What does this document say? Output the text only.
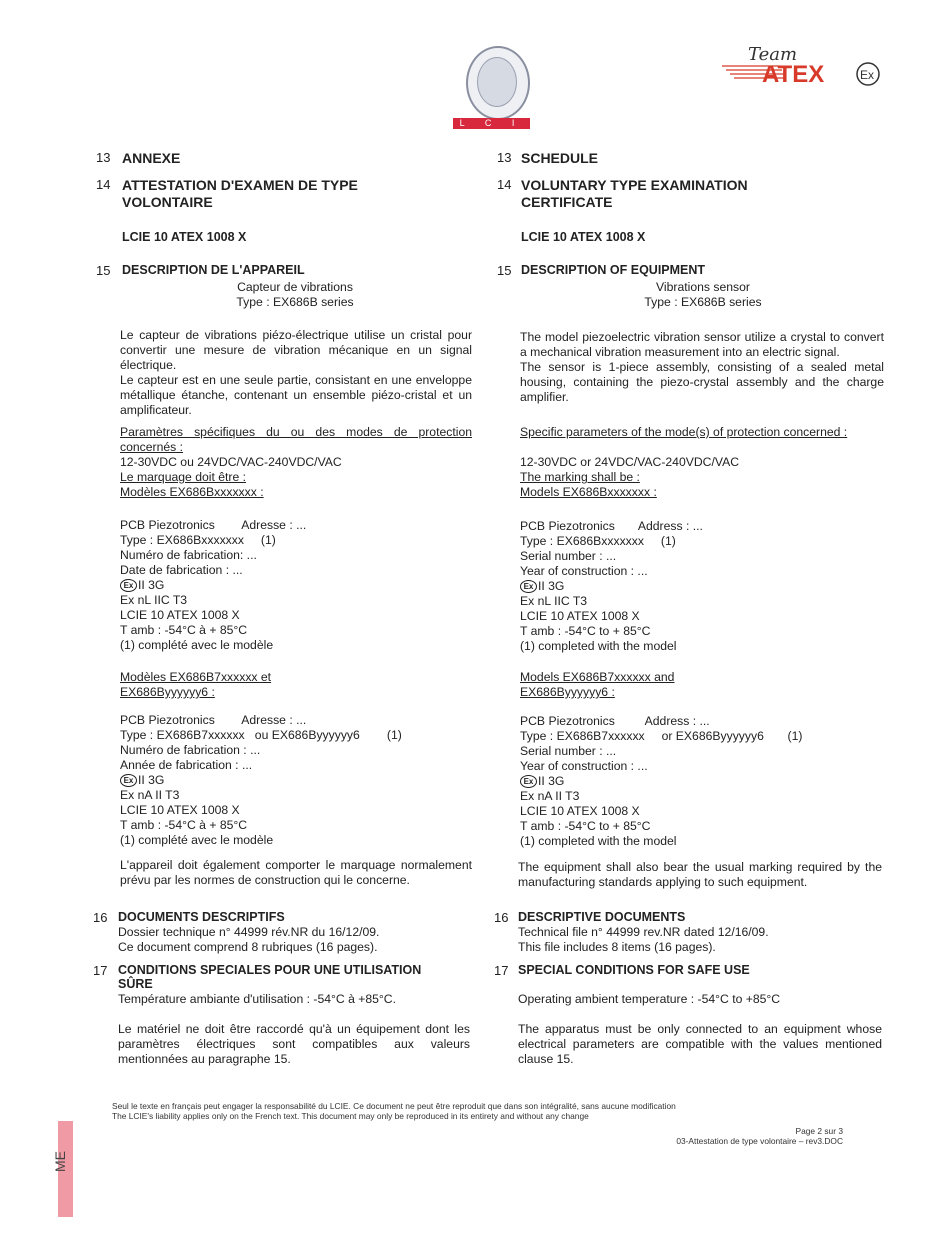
L C I E
Team
ATEX	Ex
13 ANNEXE
14 ATTESTATION D'EXAMEN DE TYPE VOLONTAIRE
LCIE 10 ATEX 1008 X
15 DESCRIPTION DE L'APPAREIL
Capteur de vibrations
Type : EX686B series
Le capteur de vibrations piézo-électrique utilise un cristal pour convertir une mesure de vibration mécanique en un signal électrique.
Le capteur est en une seule partie, consistant en une enveloppe métallique étanche, contenant un ensemble piézo-cristal et un amplificateur.
Paramètres spécifiques du ou des modes de protection concernés :
12-30VDC ou 24VDC/VAC-240VDC/VAC
Le marquage doit être :
Modèles EX686Bxxxxxxx :
PCB Piezotronics        Adresse : ...
Type : EX686Bxxxxxxx     (1)
Numéro de fabrication: ...
Date de fabrication : ...
Ex II 3G
Ex nL IIC T3
LCIE 10 ATEX 1008 X
T amb : -54°C à + 85°C
(1) complété avec le modèle
Modèles EX686B7xxxxxx et EX686Byyyyyy6 :
PCB Piezotronics        Adresse : ...
Type : EX686B7xxxxxx   ou EX686Byyyyyy6        (1)
Numéro de fabrication : ...
Année de fabrication : ...
Ex II 3G
Ex nA II T3
LCIE 10 ATEX 1008 X
T amb : -54°C à + 85°C
(1) complété avec le modèle
L'appareil doit également comporter le marquage normalement prévu par les normes de construction qui le concerne.
16 DOCUMENTS DESCRIPTIFS
Dossier technique n° 44999 rév.NR du 16/12/09.
Ce document comprend 8 rubriques (16 pages).
17 CONDITIONS SPECIALES POUR UNE UTILISATION SÛRE
Température ambiante d'utilisation : -54°C à +85°C.
Le matériel ne doit être raccordé qu'à un équipement dont les paramètres électriques sont compatibles aux valeurs mentionnées au paragraphe 15.
13 SCHEDULE
14 VOLUNTARY TYPE EXAMINATION CERTIFICATE
LCIE 10 ATEX 1008 X
15 DESCRIPTION OF EQUIPMENT
Vibrations sensor
Type : EX686B series
The model piezoelectric vibration sensor utilize a crystal to convert a mechanical vibration measurement into an electric signal.
The sensor is 1-piece assembly, consisting of a sealed metal housing, containing the piezo-crystal assembly and the charge amplifier.
Specific parameters of the mode(s) of protection concerned :
12-30VDC or 24VDC/VAC-240VDC/VAC
The marking shall be :
Models EX686Bxxxxxxx :
PCB Piezotronics       Address : ...
Type : EX686Bxxxxxxx     (1)
Serial number : ...
Year of construction : ...
Ex II 3G
Ex nL IIC T3
LCIE 10 ATEX 1008 X
T amb : -54°C to + 85°C
(1) completed with the model
Models EX686B7xxxxxx and EX686Byyyyyy6 :
PCB Piezotronics         Address : ...
Type : EX686B7xxxxxx     or EX686Byyyyyy6       (1)
Serial number : ...
Year of construction : ...
Ex II 3G
Ex nA II T3
LCIE 10 ATEX 1008 X
T amb : -54°C to + 85°C
(1) completed with the model
The equipment shall also bear the usual marking required by the manufacturing standards applying to such equipment.
16 DESCRIPTIVE DOCUMENTS
Technical file n° 44999 rev.NR dated 12/16/09.
This file includes 8 items (16 pages).
17 SPECIAL CONDITIONS FOR SAFE USE
Operating ambient temperature : -54°C to +85°C
The apparatus must be only connected to an equipment whose electrical parameters are compatible with the values mentioned clause 15.
Seul le texte en français peut engager la responsabilité du LCIE. Ce document ne peut être reproduit que dans son intégralité, sans aucune modification
The LCIE's liability applies only on the French text. This document may only be reproduced in its entirety and without any change
Page 2 sur 3
03-Attestation de type volontaire – rev3.DOC
ME
